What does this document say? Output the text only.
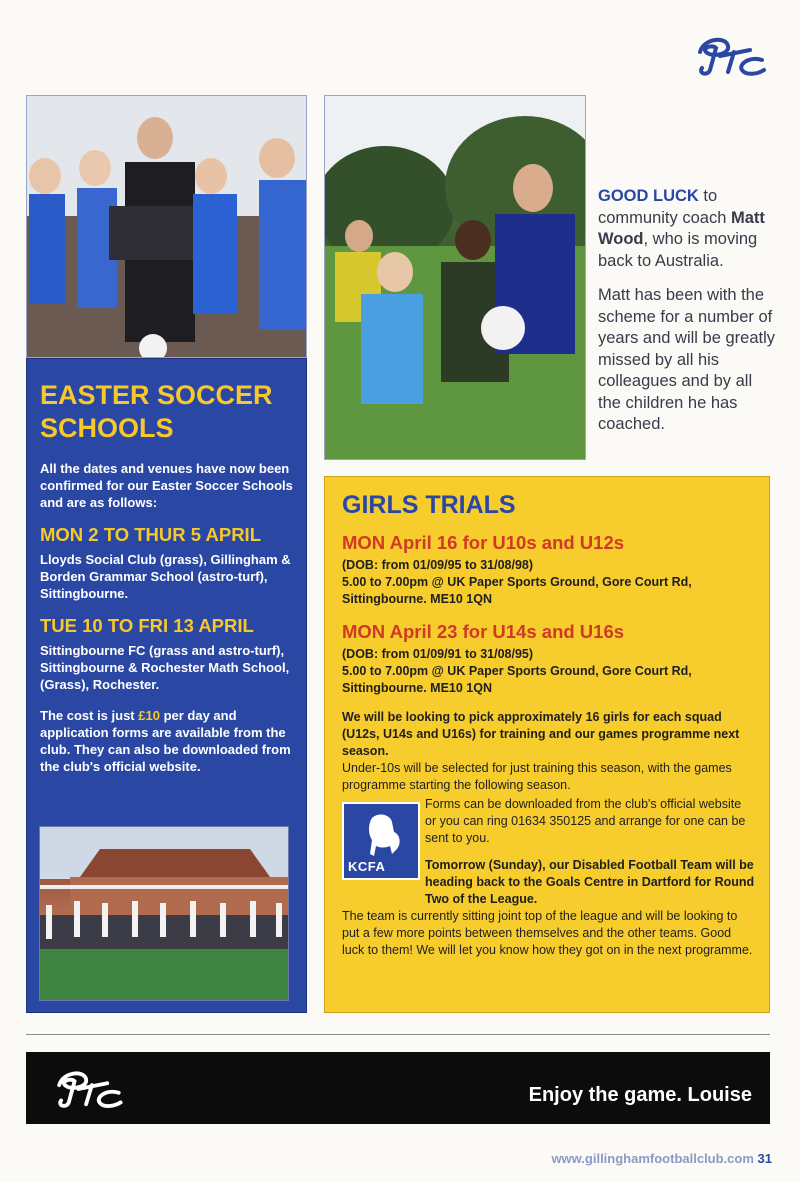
EASTER SOCCER SCHOOLS
All the dates and venues have now been confirmed for our Easter Soccer Schools and are as follows:
MON 2 TO THUR 5 APRIL
Lloyds Social Club (grass), Gillingham & Borden Grammar School (astro-turf), Sittingbourne.
TUE 10 TO FRI 13 APRIL
Sittingbourne FC (grass and astro-turf), Sittingbourne & Rochester Math School, (Grass), Rochester.
The cost is just £10 per day and application forms are available from the club. They can also be downloaded from the club's official website.
GOOD LUCK to community coach Matt Wood, who is moving back to Australia.
Matt has been with the scheme for a number of years and will be greatly missed by all his colleagues and by all the children he has coached.
GIRLS TRIALS
MON April 16 for U10s and U12s
(DOB: from 01/09/95 to 31/08/98)
5.00 to 7.00pm @ UK Paper Sports Ground, Gore Court Rd, Sittingbourne. ME10 1QN
MON April 23 for U14s and U16s
(DOB: from 01/09/91 to 31/08/95)
5.00 to 7.00pm @ UK Paper Sports Ground, Gore Court Rd, Sittingbourne. ME10 1QN
We will be looking to pick approximately 16 girls for each squad (U12s, U14s and U16s) for training and our games programme next season.
Under-10s will be selected for just training this season, with the games programme starting the following season.
KCFA
Forms can be downloaded from the club's official website or you can ring 01634 350125 and arrange for one can be sent to you.
Tomorrow (Sunday), our Disabled Football Team will be heading back to the Goals Centre in Dartford for Round Two of the League.
The team is currently sitting joint top of the league and will be looking to put a few more points between themselves and the other teams. Good luck to them! We will let you know how they got on in the next programme.
Enjoy the game. Louise
www.gillinghamfootballclub.com 31
